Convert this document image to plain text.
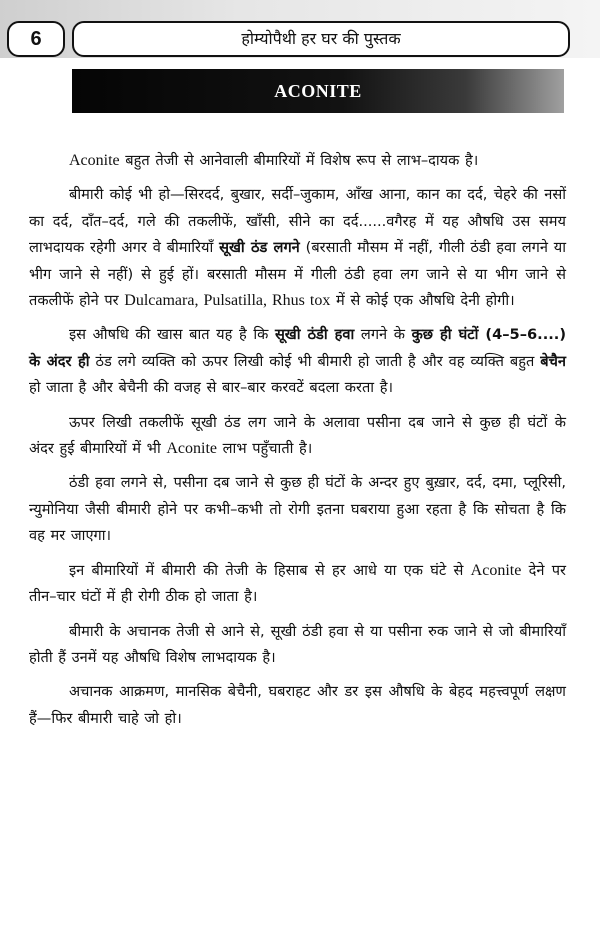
6	होम्योपैथी हर घर की पुस्तक
ACONITE

Aconite बहुत तेजी से आनेवाली बीमारियों में विशेष रूप से लाभ–दायक है।

बीमारी कोई भी हो—सिरदर्द, बुखार, सर्दी–जुकाम, आँख आना, कान का दर्द, चेहरे की नसों का दर्द, दाँत–दर्द, गले की तकलीफें, खाँसी, सीने का दर्द......वगैरह में यह औषधि उस समय लाभदायक रहेगी अगर वे बीमारियाँ सूखी ठंड लगने (बरसाती मौसम में नहीं, गीली ठंडी हवा लगने या भीग जाने से नहीं) से हुई हों। बरसाती मौसम में गीली ठंडी हवा लग जाने से या भीग जाने से तकलीफें होने पर Dulcamara, Pulsatilla, Rhus tox में से कोई एक औषधि देनी होगी।

इस औषधि की खास बात यह है कि सूखी ठंडी हवा लगने के कुछ ही घंटों (4–5–6....) के अंदर ही ठंड लगे व्यक्ति को ऊपर लिखी कोई भी बीमारी हो जाती है और वह व्यक्ति बहुत बेचैन हो जाता है और बेचैनी की वजह से बार–बार करवटें बदला करता है।

ऊपर लिखी तकलीफें सूखी ठंड लग जाने के अलावा पसीना दब जाने से कुछ ही घंटों के अंदर हुई बीमारियों में भी Aconite लाभ पहुँचाती है।

ठंडी हवा लगने से, पसीना दब जाने से कुछ ही घंटों के अन्दर हुए बुख़ार, दर्द, दमा, प्लूरिसी, न्युमोनिया जैसी बीमारी होने पर कभी–कभी तो रोगी इतना घबराया हुआ रहता है कि सोचता है कि वह मर जाएगा।

इन बीमारियों में बीमारी की तेजी के हिसाब से हर आधे या एक घंटे से Aconite देने पर तीन–चार घंटों में ही रोगी ठीक हो जाता है।

बीमारी के अचानक तेजी से आने से, सूखी ठंडी हवा से या पसीना रुक जाने से जो बीमारियाँ होती हैं उनमें यह औषधि विशेष लाभदायक है।

अचानक आक्रमण, मानसिक बेचैनी, घबराहट और डर इस औषधि के बेहद महत्त्वपूर्ण लक्षण हैं—फिर बीमारी चाहे जो हो।
